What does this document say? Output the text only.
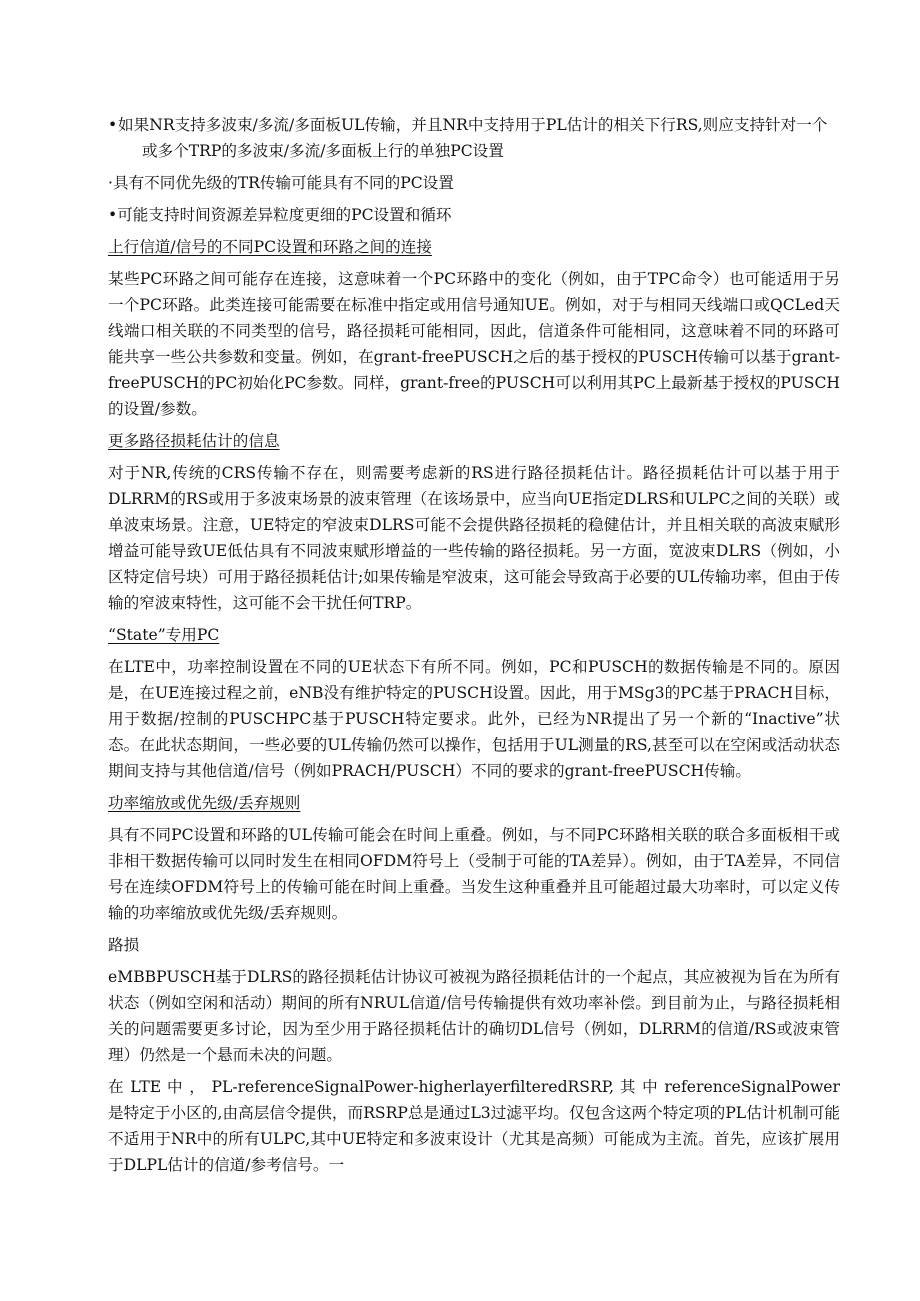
•如果NR支持多波束/多流/多面板UL传输，并且NR中支持用于PL估计的相关下行RS,则应支持针对一个或多个TRP的多波束/多流/多面板上行的单独PC设置

·具有不同优先级的TR传输可能具有不同的PC设置

•可能支持时间资源差异粒度更细的PC设置和循环

上行信道/信号的不同PC设置和环路之间的连接

某些PC环路之间可能存在连接，这意味着一个PC环路中的变化（例如，由于TPC命令）也可能适用于另一个PC环路。此类连接可能需要在标准中指定或用信号通知UE。例如，对于与相同天线端口或QCLed天线端口相关联的不同类型的信号，路径损耗可能相同，因此，信道条件可能相同，这意味着不同的环路可能共享一些公共参数和变量。例如，在grant-freePUSCH之后的基于授权的PUSCH传输可以基于grant-freePUSCH的PC初始化PC参数。同样，grant-free的PUSCH可以利用其PC上最新基于授权的PUSCH的设置/参数。

更多路径损耗估计的信息

对于NR,传统的CRS传输不存在，则需要考虑新的RS进行路径损耗估计。路径损耗估计可以基于用于DLRRM的RS或用于多波束场景的波束管理（在该场景中，应当向UE指定DLRS和ULPC之间的关联）或单波束场景。注意，UE特定的窄波束DLRS可能不会提供路径损耗的稳健估计，并且相关联的高波束赋形增益可能导致UE低估具有不同波束赋形增益的一些传输的路径损耗。另一方面，宽波束DLRS（例如，小区特定信号块）可用于路径损耗估计;如果传输是窄波束，这可能会导致高于必要的UL传输功率，但由于传输的窄波束特性，这可能不会干扰任何TRP。

“State”专用PC

在LTE中，功率控制设置在不同的UE状态下有所不同。例如，PC和PUSCH的数据传输是不同的。原因是，在UE连接过程之前，eNB没有维护特定的PUSCH设置。因此，用于MSg3的PC基于PRACH目标，用于数据/控制的PUSCHPC基于PUSCH特定要求。此外，已经为NR提出了另一个新的“Inactive”状态。在此状态期间，一些必要的UL传输仍然可以操作，包括用于UL测量的RS,甚至可以在空闲或活动状态期间支持与其他信道/信号（例如PRACH/PUSCH）不同的要求的grant-freePUSCH传输。

功率缩放或优先级/丢弃规则

具有不同PC设置和环路的UL传输可能会在时间上重叠。例如，与不同PC环路相关联的联合多面板相干或非相干数据传输可以同时发生在相同OFDM符号上（受制于可能的TA差异）。例如，由于TA差异，不同信号在连续OFDM符号上的传输可能在时间上重叠。当发生这种重叠并且可能超过最大功率时，可以定义传输的功率缩放或优先级/丢弃规则。

路损

eMBBPUSCH基于DLRS的路径损耗估计协议可被视为路径损耗估计的一个起点，其应被视为旨在为所有状态（例如空闲和活动）期间的所有NRUL信道/信号传输提供有效功率补偿。到目前为止，与路径损耗相关的问题需要更多讨论，因为至少用于路径损耗估计的确切DL信号（例如，DLRRM的信道/RS或波束管理）仍然是一个悬而未决的问题。

在 LTE 中 ， PL-referenceSignalPower-higherlayerfilteredRSRP, 其 中 referenceSignalPower是特定于小区的,由高层信令提供，而RSRP总是通过L3过滤平均。仅包含这两个特定项的PL估计机制可能不适用于NR中的所有ULPC,其中UE特定和多波束设计（尤其是高频）可能成为主流。首先，应该扩展用于DLPL估计的信道/参考信号。一
